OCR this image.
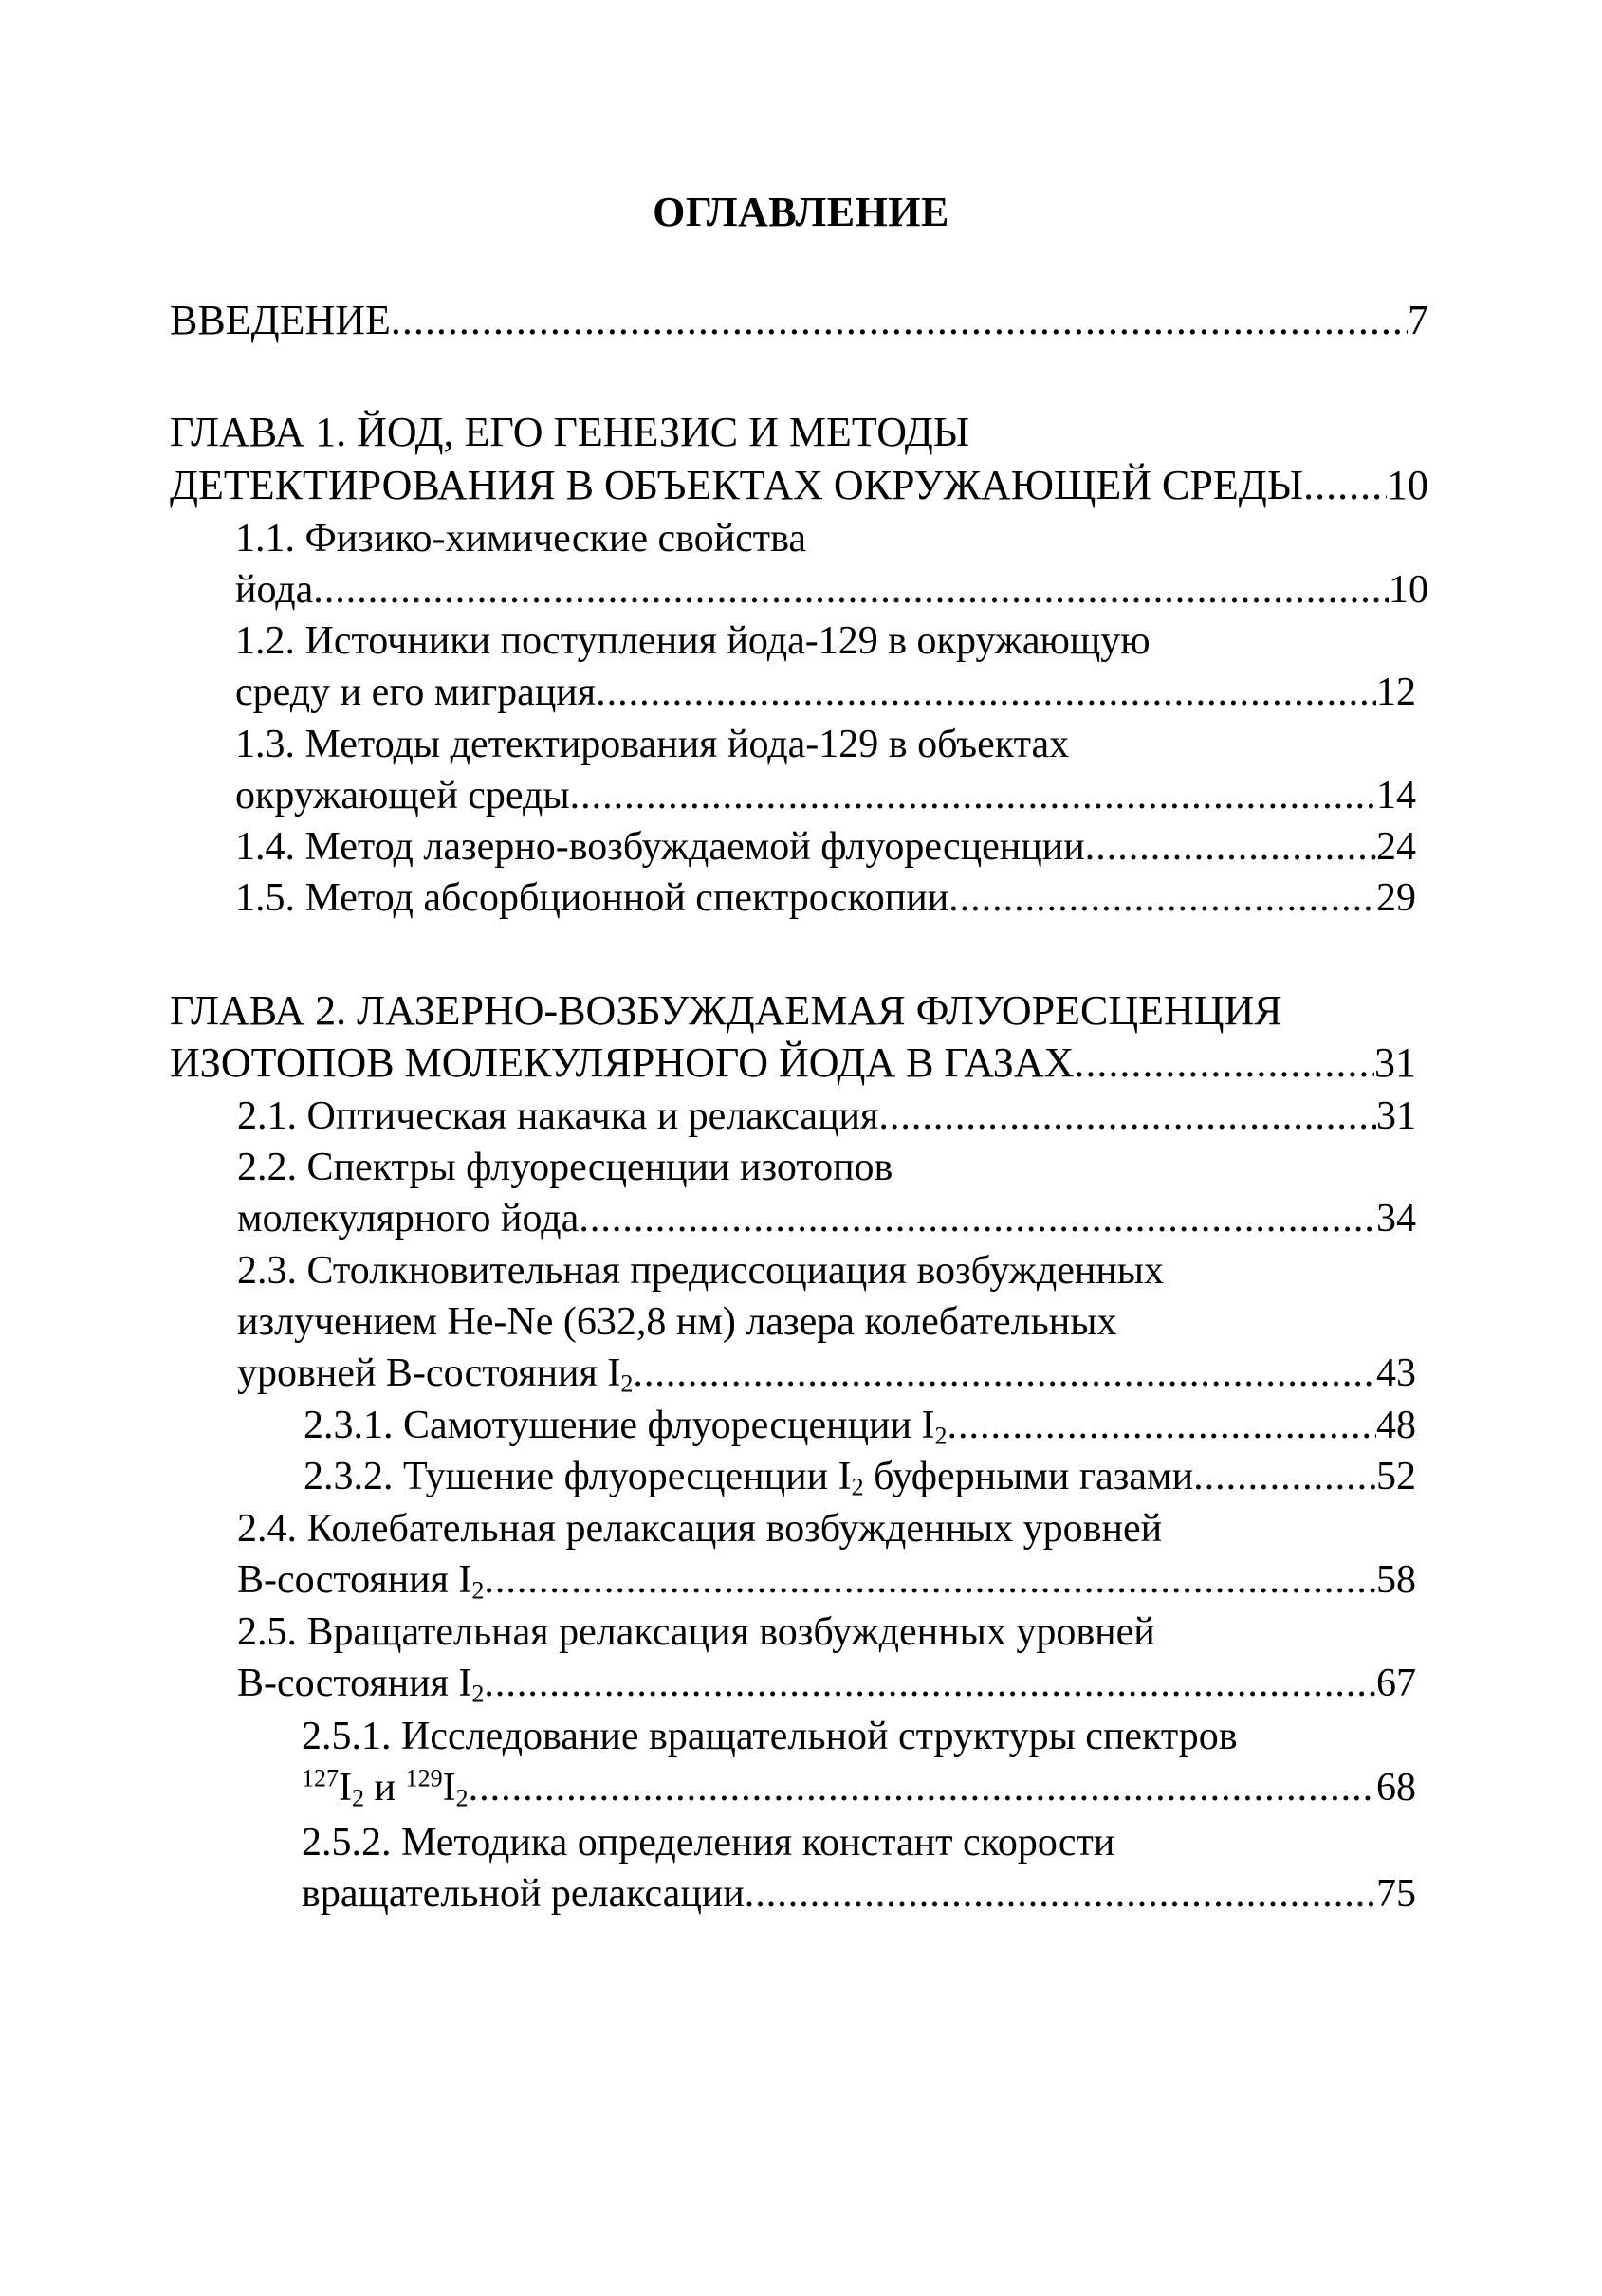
ОГЛАВЛЕНИЕ
ВВЕДЕНИЕ .....	7
ГЛАВА 1. ЙОД, ЕГО ГЕНЕЗИС И МЕТОДЫ
ДЕТЕКТИРОВАНИЯ В ОБЪЕКТАХ ОКРУЖАЮЩЕЙ СРЕДЫ ..... 10
1.1. Физико-химические свойства
йода .....	10
1.2. Источники поступления йода-129 в окружающую
среду и его миграция .....	12
1.3. Методы детектирования йода-129 в объектах
окружающей среды .....	14
1.4. Метод лазерно-возбуждаемой флуоресценции .....	24
1.5. Метод абсорбционной спектроскопии .....	29
ГЛАВА 2. ЛАЗЕРНО-ВОЗБУЖДАЕМАЯ ФЛУОРЕСЦЕНЦИЯ
ИЗОТОПОВ МОЛЕКУЛЯРНОГО ЙОДА В ГАЗАХ .....	31
2.1. Оптическая накачка и релаксация .....	31
2.2. Спектры флуоресценции изотопов
молекулярного йода .....	34
2.3. Столкновительная предиссоциация возбужденных
излучением He-Ne (632,8 нм) лазера колебательных
уровней B-состояния $I_2$ .....	43
2.3.1. Самотушение флуоресценции $I_2$ .....	48
2.3.2. Тушение флуоресценции $I_2$ буферными газами .....	52
2.4. Колебательная релаксация возбужденных уровней
B-состояния $I_2$ .....	58
2.5. Вращательная релаксация возбужденных уровней
B-состояния $I_2$ .....	67
2.5.1. Исследование вращательной структуры спектров
$^{127}I_2$ и $^{129}I_2$ .....	68
2.5.2. Методика определения констант скорости
вращательной релаксации .....	75
